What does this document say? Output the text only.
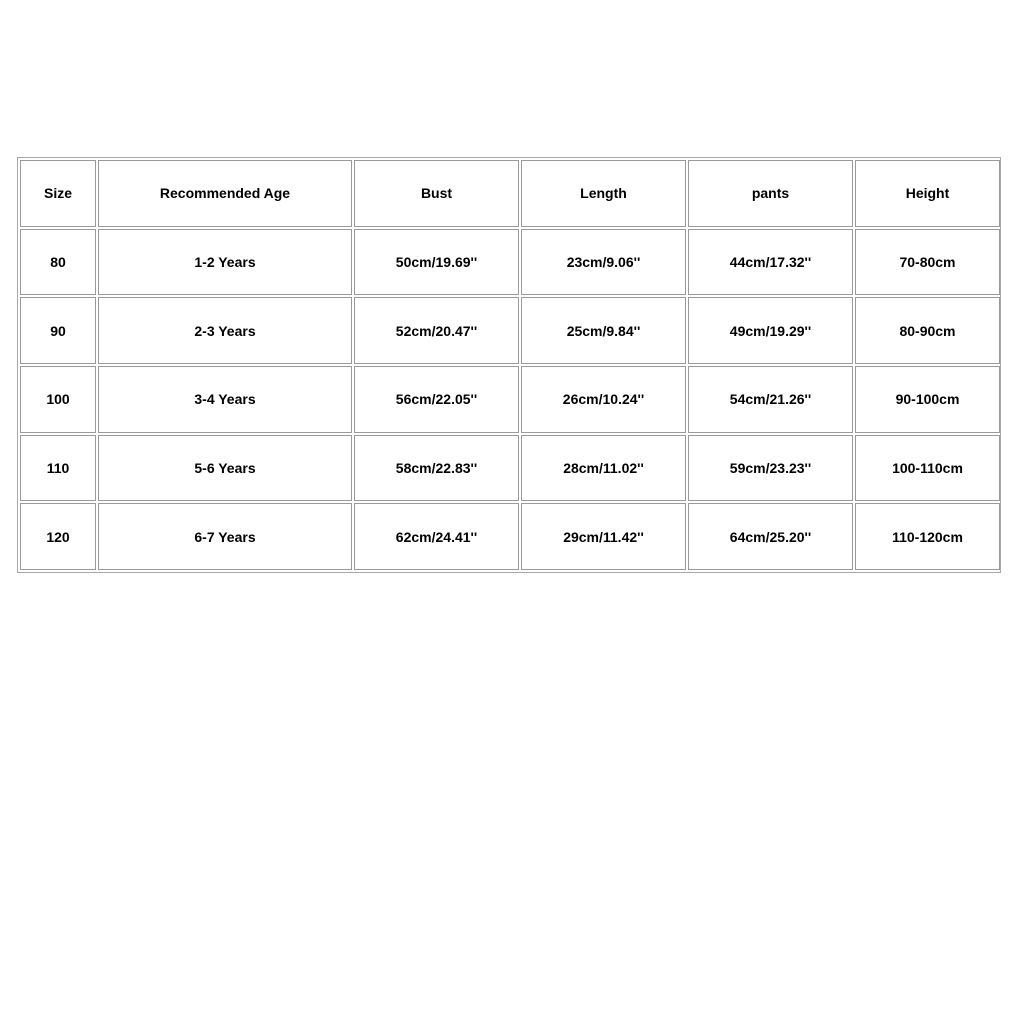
Size	Recommended Age	Bust	Length	pants	Height
80	1-2 Years	50cm/19.69''	23cm/9.06''	44cm/17.32''	70-80cm
90	2-3 Years	52cm/20.47''	25cm/9.84''	49cm/19.29''	80-90cm
100	3-4 Years	56cm/22.05''	26cm/10.24''	54cm/21.26''	90-100cm
110	5-6 Years	58cm/22.83''	28cm/11.02''	59cm/23.23''	100-110cm
120	6-7 Years	62cm/24.41''	29cm/11.42''	64cm/25.20''	110-120cm
